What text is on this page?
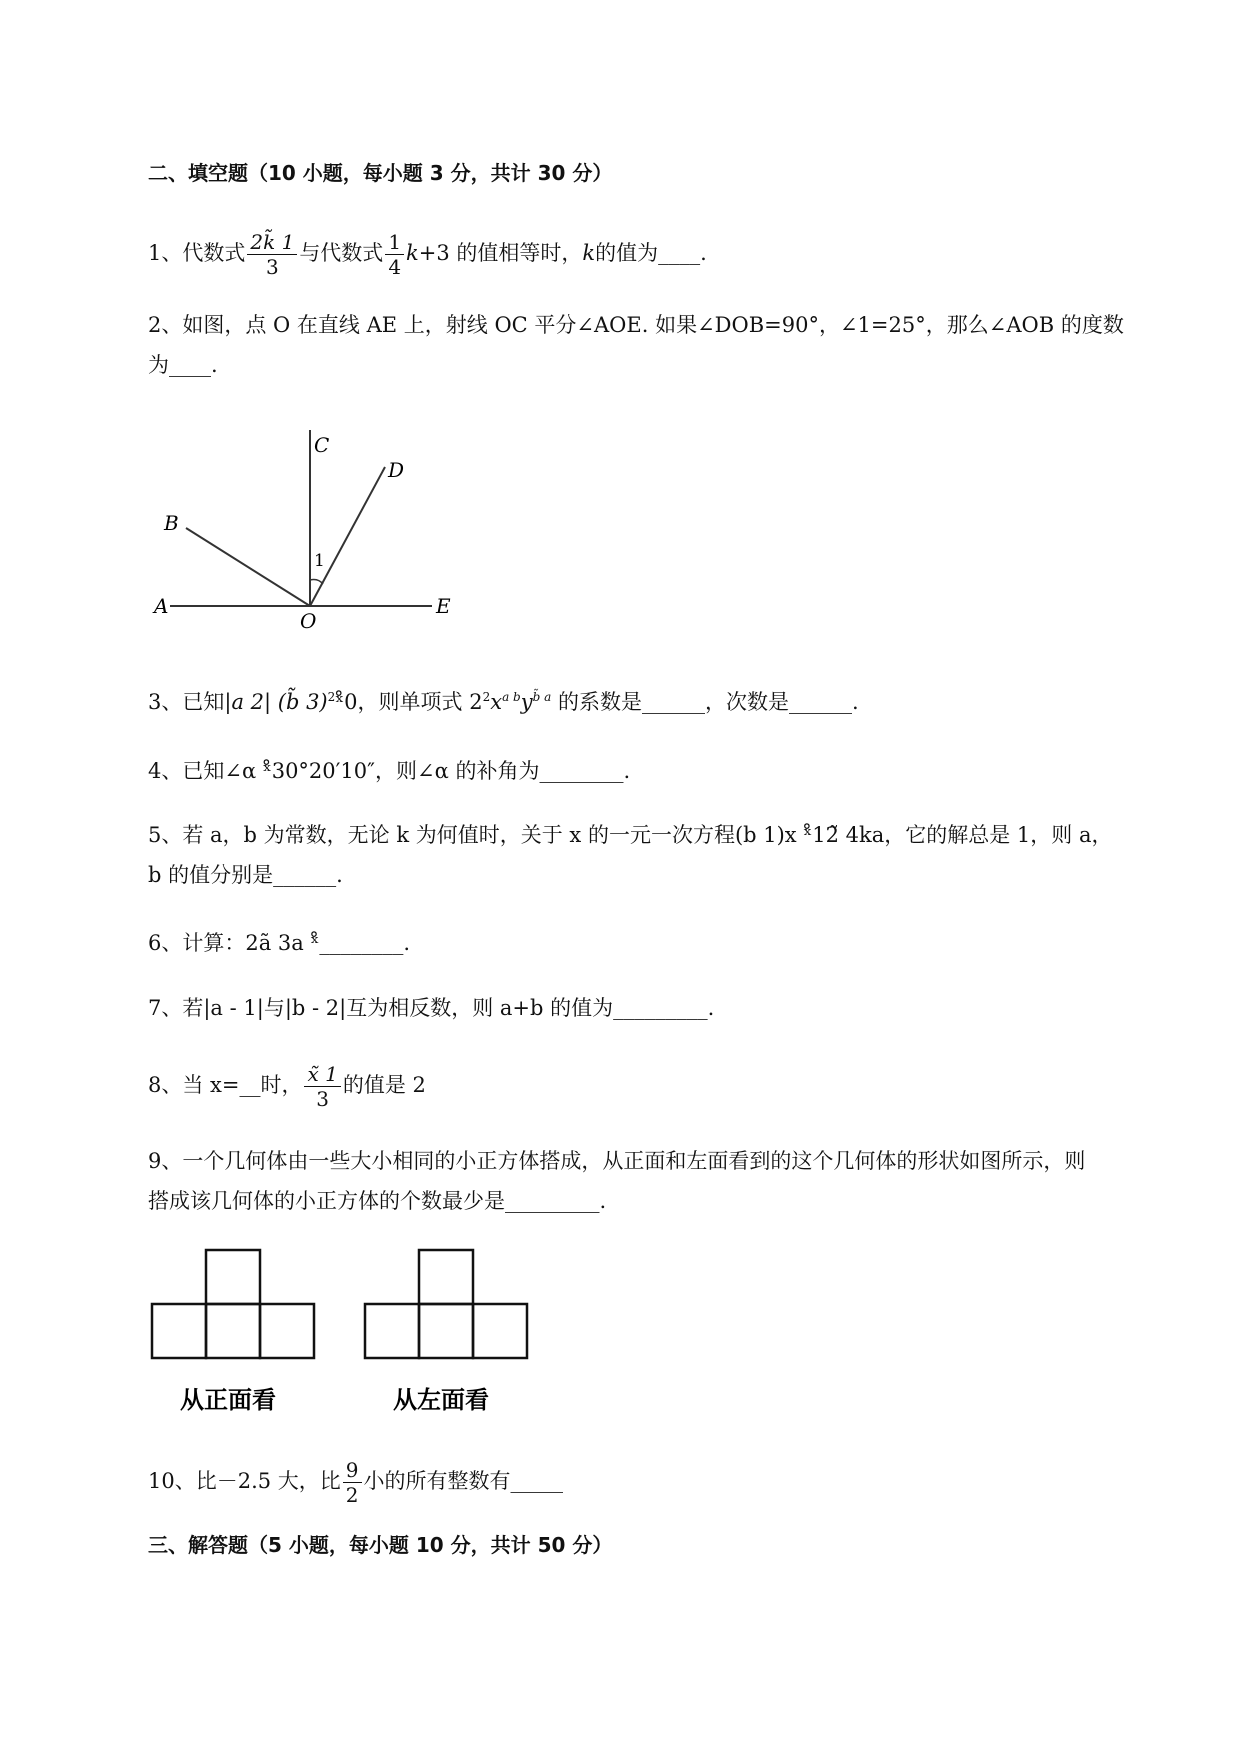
二、填空题（10 小题，每小题 3 分，共计 30 分）
1、代数式 $\frac{2k̃ 1}{3}$ 与代数式 $\frac{1}{4} k+3$ 的值相等时，k的值为____.
2、如图，点 O 在直线 AE 上，射线 OC 平分∠AOE. 如果∠DOB=90°，∠1=25°，那么∠AOB 的度数
为____.
C
D
B
A	E
O
1
3、已知|a 2| (b̃ 3)$^2$ˣ̊0，则单项式 $2^2x^{a b}y^{b̃ a}$ 的系数是______，次数是______.
4、已知∠α ˣ̊30°20′10″，则∠α 的补角为________.
5、若 a，b 为常数，无论 k 为何值时，关于 x 的一元一次方程(b 1)x ˣ̊12̃ 4ka，它的解总是 1，则 a，
b 的值分别是______.
6、计算：2ã 3a ˣ̊________.
7、若|a - 1|与|b - 2|互为相反数，则 a+b 的值为_________.
8、当 x=__时， $\frac{x̃ 1}{3}$ 的值是 2
9、一个几何体由一些大小相同的小正方体搭成，从正面和左面看到的这个几何体的形状如图所示，则
搭成该几何体的小正方体的个数最少是_________.
从正面看	从左面看
10、比－2.5 大，比 $\frac{9}{2}$ 小的所有整数有_____
三、解答题（5 小题，每小题 10 分，共计 50 分）
